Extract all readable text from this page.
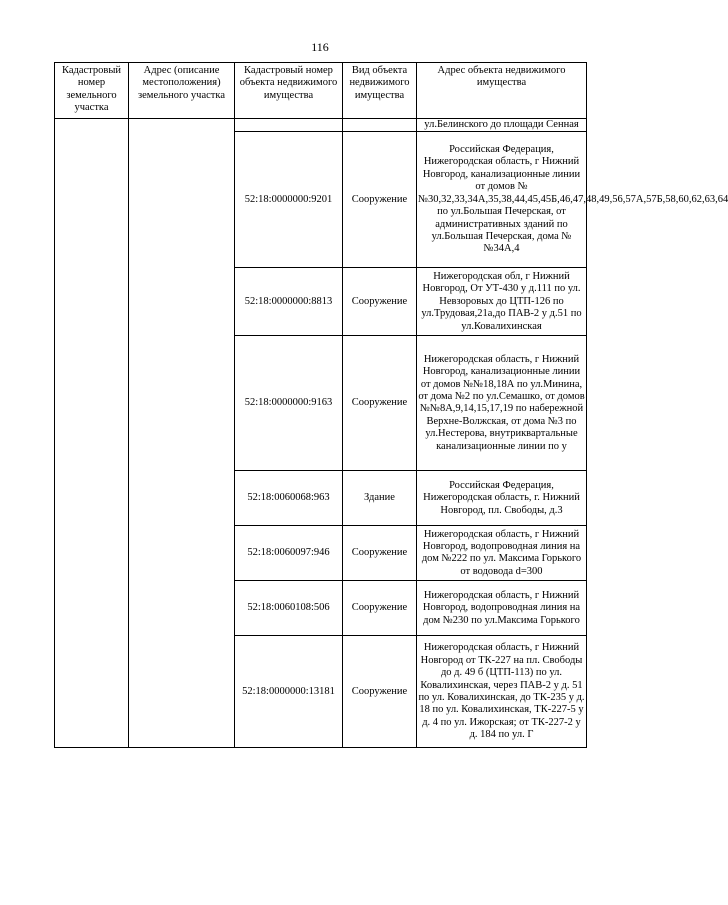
116
Кадастровый номер земельного участка	Адрес (описание местоположения) земельного участка	Кадастровый номер объекта недвижимого имущества	Вид объекта недвижимого имущества	Адрес объекта недвижимого имущества
				ул.Белинского до площади Сенная
		52:18:0000000:9201	Сооружение	Российская Федерация, Нижегородская область, г Нижний Новгород, канализационные линии от домов №№30,32,33,34А,35,38,44,45,45Б,46,47,48,49,56,57А,57Б,58,60,62,63,64 по ул.Большая Печерская, от административных зданий по ул.Большая Печерская, дома №№34А,4
		52:18:0000000:8813	Сооружение	Нижегородская обл, г Нижний Новгород, От УТ-430 у д.111 по ул. Невзоровых до ЦТП-126 по ул.Трудовая,21а,до ПАВ-2 у д.51 по ул.Ковалихинская
		52:18:0000000:9163	Сооружение	Нижегородская область, г Нижний Новгород, канализационные линии от домов №№18,18А по ул.Минина, от дома №2 по ул.Семашко, от домов №№8А,9,14,15,17,19 по набережной Верхне-Волжская, от дома №3 по ул.Нестерова, внутриквартальные канализационные линии по у
		52:18:0060068:963	Здание	Российская Федерация, Нижегородская область, г. Нижний Новгород, пл. Свободы, д.3
		52:18:0060097:946	Сооружение	Нижегородская область, г Нижний Новгород, водопроводная линия на дом №222 по ул. Максима Горького от водовода d=300
		52:18:0060108:506	Сооружение	Нижегородская область, г Нижний Новгород, водопроводная линия на дом №230 по ул.Максима Горького
		52:18:0000000:13181	Сооружение	Нижегородская область, г Нижний Новгород от ТК-227 на пл. Свободы до д. 49 б (ЦТП-113) по ул. Ковалихинская, через ПАВ-2 у д. 51 по ул. Ковалихинская, до ТК-235 у д. 18 по ул. Ковалихинская, ТК-227-5 у д. 4 по ул. Ижорская; от ТК-227-2 у д. 184 по ул. Г
